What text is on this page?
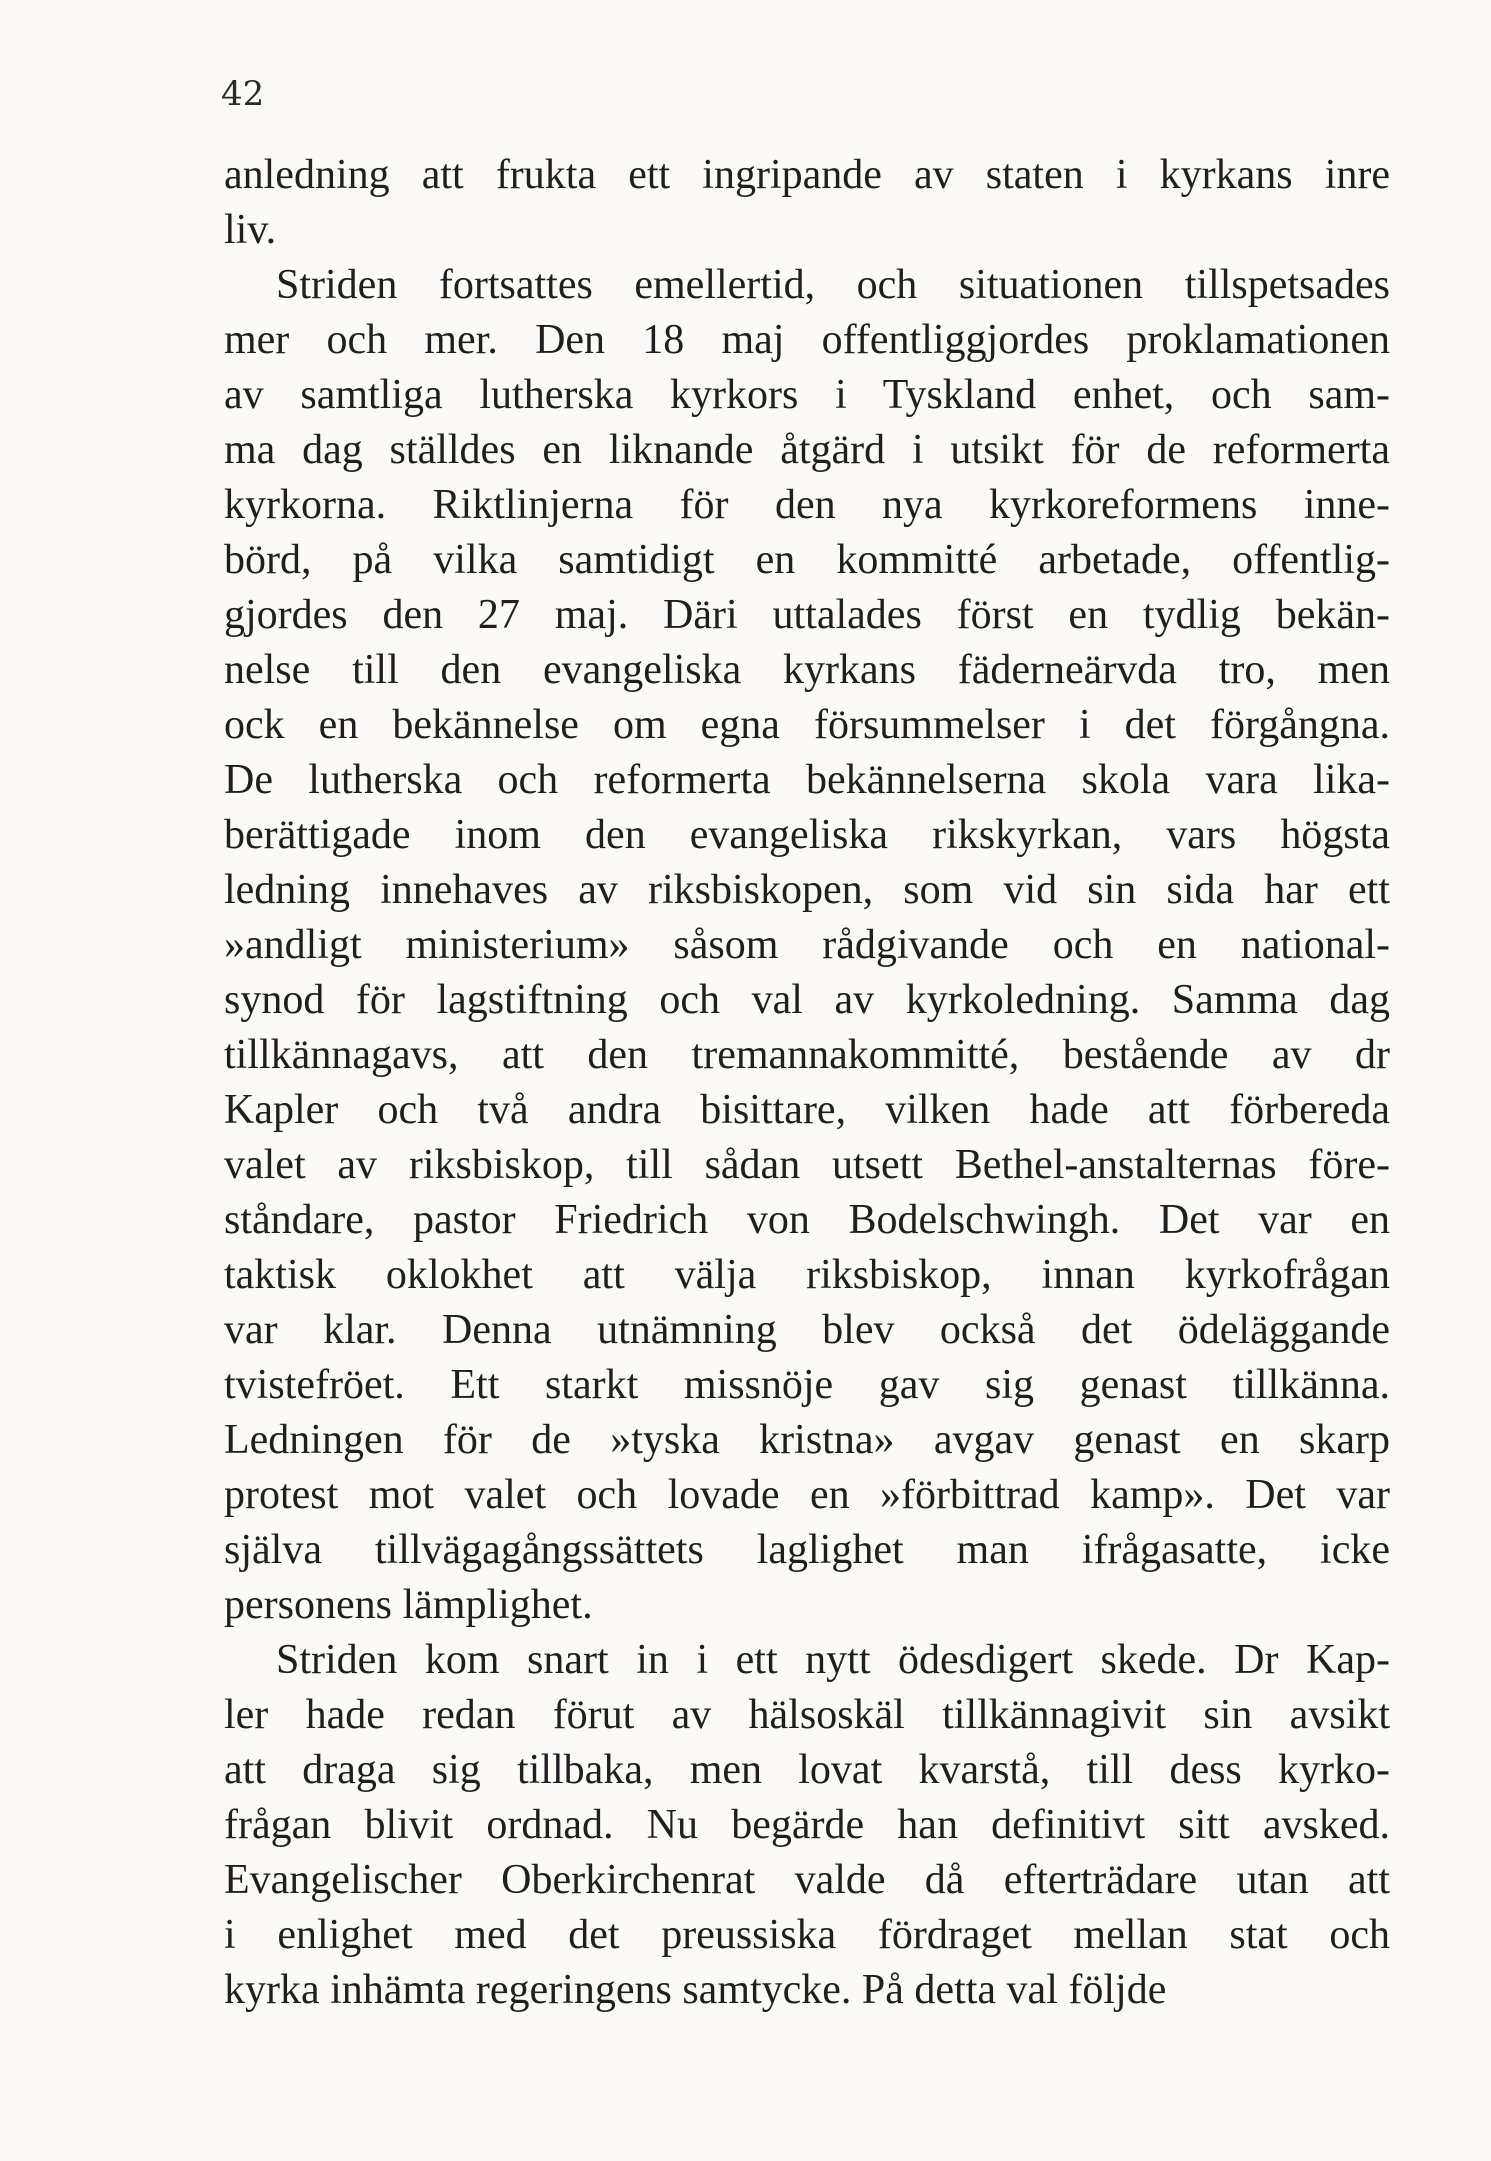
42

anledning att frukta ett ingripande av staten i kyrkans inre
liv.
Striden fortsattes emellertid, och situationen tillspetsades
mer och mer. Den 18 maj offentliggjordes proklamationen
av samtliga lutherska kyrkors i Tyskland enhet, och sam-
ma dag ställdes en liknande åtgärd i utsikt för de reformerta
kyrkorna. Riktlinjerna för den nya kyrkoreformens inne-
börd, på vilka samtidigt en kommitté arbetade, offentlig-
gjordes den 27 maj. Däri uttalades först en tydlig bekän-
nelse till den evangeliska kyrkans fäderneärvda tro, men
ock en bekännelse om egna försummelser i det förgångna.
De lutherska och reformerta bekännelserna skola vara lika-
berättigade inom den evangeliska rikskyrkan, vars högsta
ledning innehaves av riksbiskopen, som vid sin sida har ett
»andligt ministerium» såsom rådgivande och en national-
synod för lagstiftning och val av kyrkoledning. Samma dag
tillkännagavs, att den tremannakommitté, bestående av dr
Kapler och två andra bisittare, vilken hade att förbereda
valet av riksbiskop, till sådan utsett Bethel-anstalternas före-
ståndare, pastor Friedrich von Bodelschwingh. Det var en
taktisk oklokhet att välja riksbiskop, innan kyrkofrågan
var klar. Denna utnämning blev också det ödeläggande
tvistefröet. Ett starkt missnöje gav sig genast tillkänna.
Ledningen för de »tyska kristna» avgav genast en skarp
protest mot valet och lovade en »förbittrad kamp». Det var
själva tillvägagångssättets laglighet man ifrågasatte, icke
personens lämplighet.
Striden kom snart in i ett nytt ödesdigert skede. Dr Kap-
ler hade redan förut av hälsoskäl tillkännagivit sin avsikt
att draga sig tillbaka, men lovat kvarstå, till dess kyrko-
frågan blivit ordnad. Nu begärde han definitivt sitt avsked.
Evangelischer Oberkirchenrat valde då efterträdare utan att
i enlighet med det preussiska fördraget mellan stat och
kyrka inhämta regeringens samtycke. På detta val följde
